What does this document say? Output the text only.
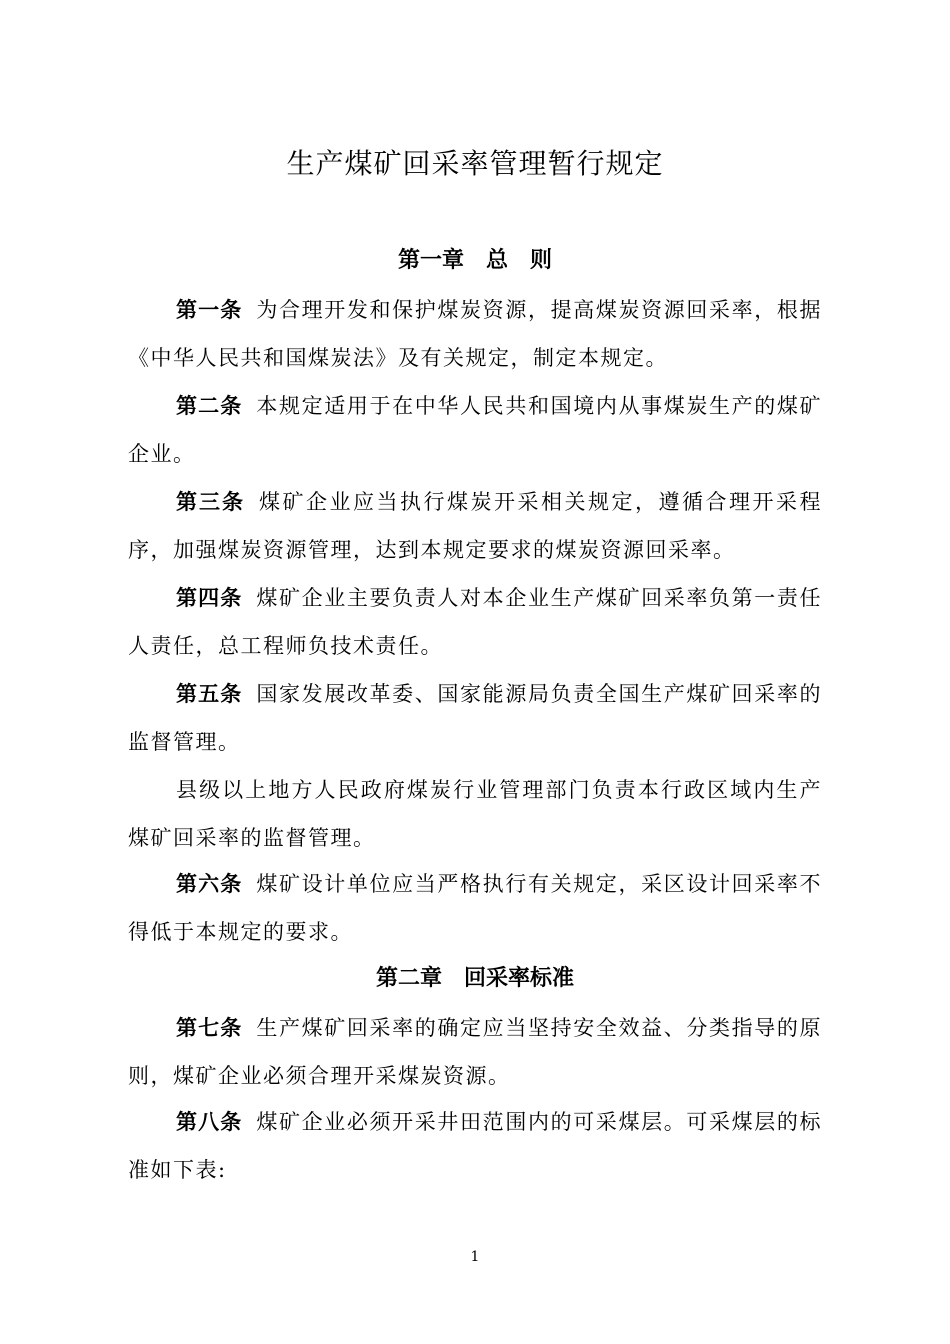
生产煤矿回采率管理暂行规定
第一章　总　则

第一条 为合理开发和保护煤炭资源，提高煤炭资源回采率，根据《中华人民共和国煤炭法》及有关规定，制定本规定。

第二条 本规定适用于在中华人民共和国境内从事煤炭生产的煤矿企业。

第三条 煤矿企业应当执行煤炭开采相关规定，遵循合理开采程序，加强煤炭资源管理，达到本规定要求的煤炭资源回采率。

第四条 煤矿企业主要负责人对本企业生产煤矿回采率负第一责任人责任，总工程师负技术责任。

第五条 国家发展改革委、国家能源局负责全国生产煤矿回采率的监督管理。

县级以上地方人民政府煤炭行业管理部门负责本行政区域内生产煤矿回采率的监督管理。

第六条 煤矿设计单位应当严格执行有关规定，采区设计回采率不得低于本规定的要求。

第二章　回采率标准

第七条 生产煤矿回采率的确定应当坚持安全效益、分类指导的原则，煤矿企业必须合理开采煤炭资源。

第八条 煤矿企业必须开采井田范围内的可采煤层。可采煤层的标准如下表:

1
